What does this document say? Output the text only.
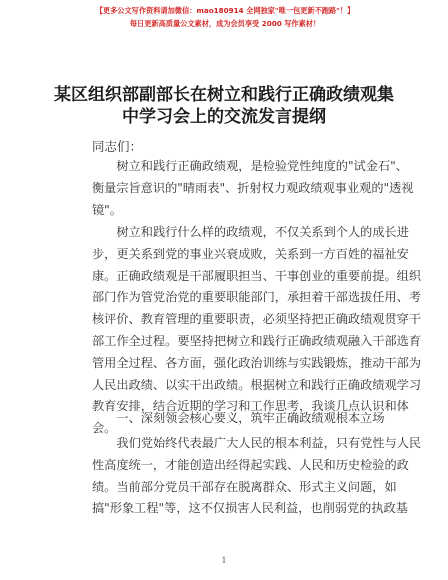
【更多公文写作资料请加微信：mao180914 全网独家"唯一包更新不跑路"！】
每日更新高质量公文素材，成为会员享受 2000 写作素材！
某区组织部副部长在树立和践行正确政绩观集
中学习会上的交流发言提纲
同志们：
树立和践行正确政绩观，是检验党性纯度的"试金石"、
衡量宗旨意识的"晴雨表"、折射权力观政绩观事业观的"透视
镜"。
树立和践行什么样的政绩观，不仅关系到个人的成长进
步，更关系到党的事业兴衰成败，关系到一方百姓的福祉安
康。正确政绩观是干部履职担当、干事创业的重要前提。组织
部门作为管党治党的重要职能部门，承担着干部选拔任用、考
核评价、教育管理的重要职责，必须坚持把正确政绩观贯穿干
部工作全过程。要坚持把树立和践行正确政绩观融入干部选育
管用全过程、各方面，强化政治训练与实践锻炼，推动干部为
人民出政绩、以实干出政绩。根据树立和践行正确政绩观学习
教育安排，结合近期的学习和工作思考，我谈几点认识和体
会。
一、深刻领会核心要义，筑牢正确政绩观根本立场
我们党始终代表最广大人民的根本利益，只有党性与人民
性高度统一，才能创造出经得起实践、人民和历史检验的政
绩。当前部分党员干部存在脱离群众、形式主义问题，如
搞"形象工程"等，这不仅损害人民利益，也削弱党的执政基
1
